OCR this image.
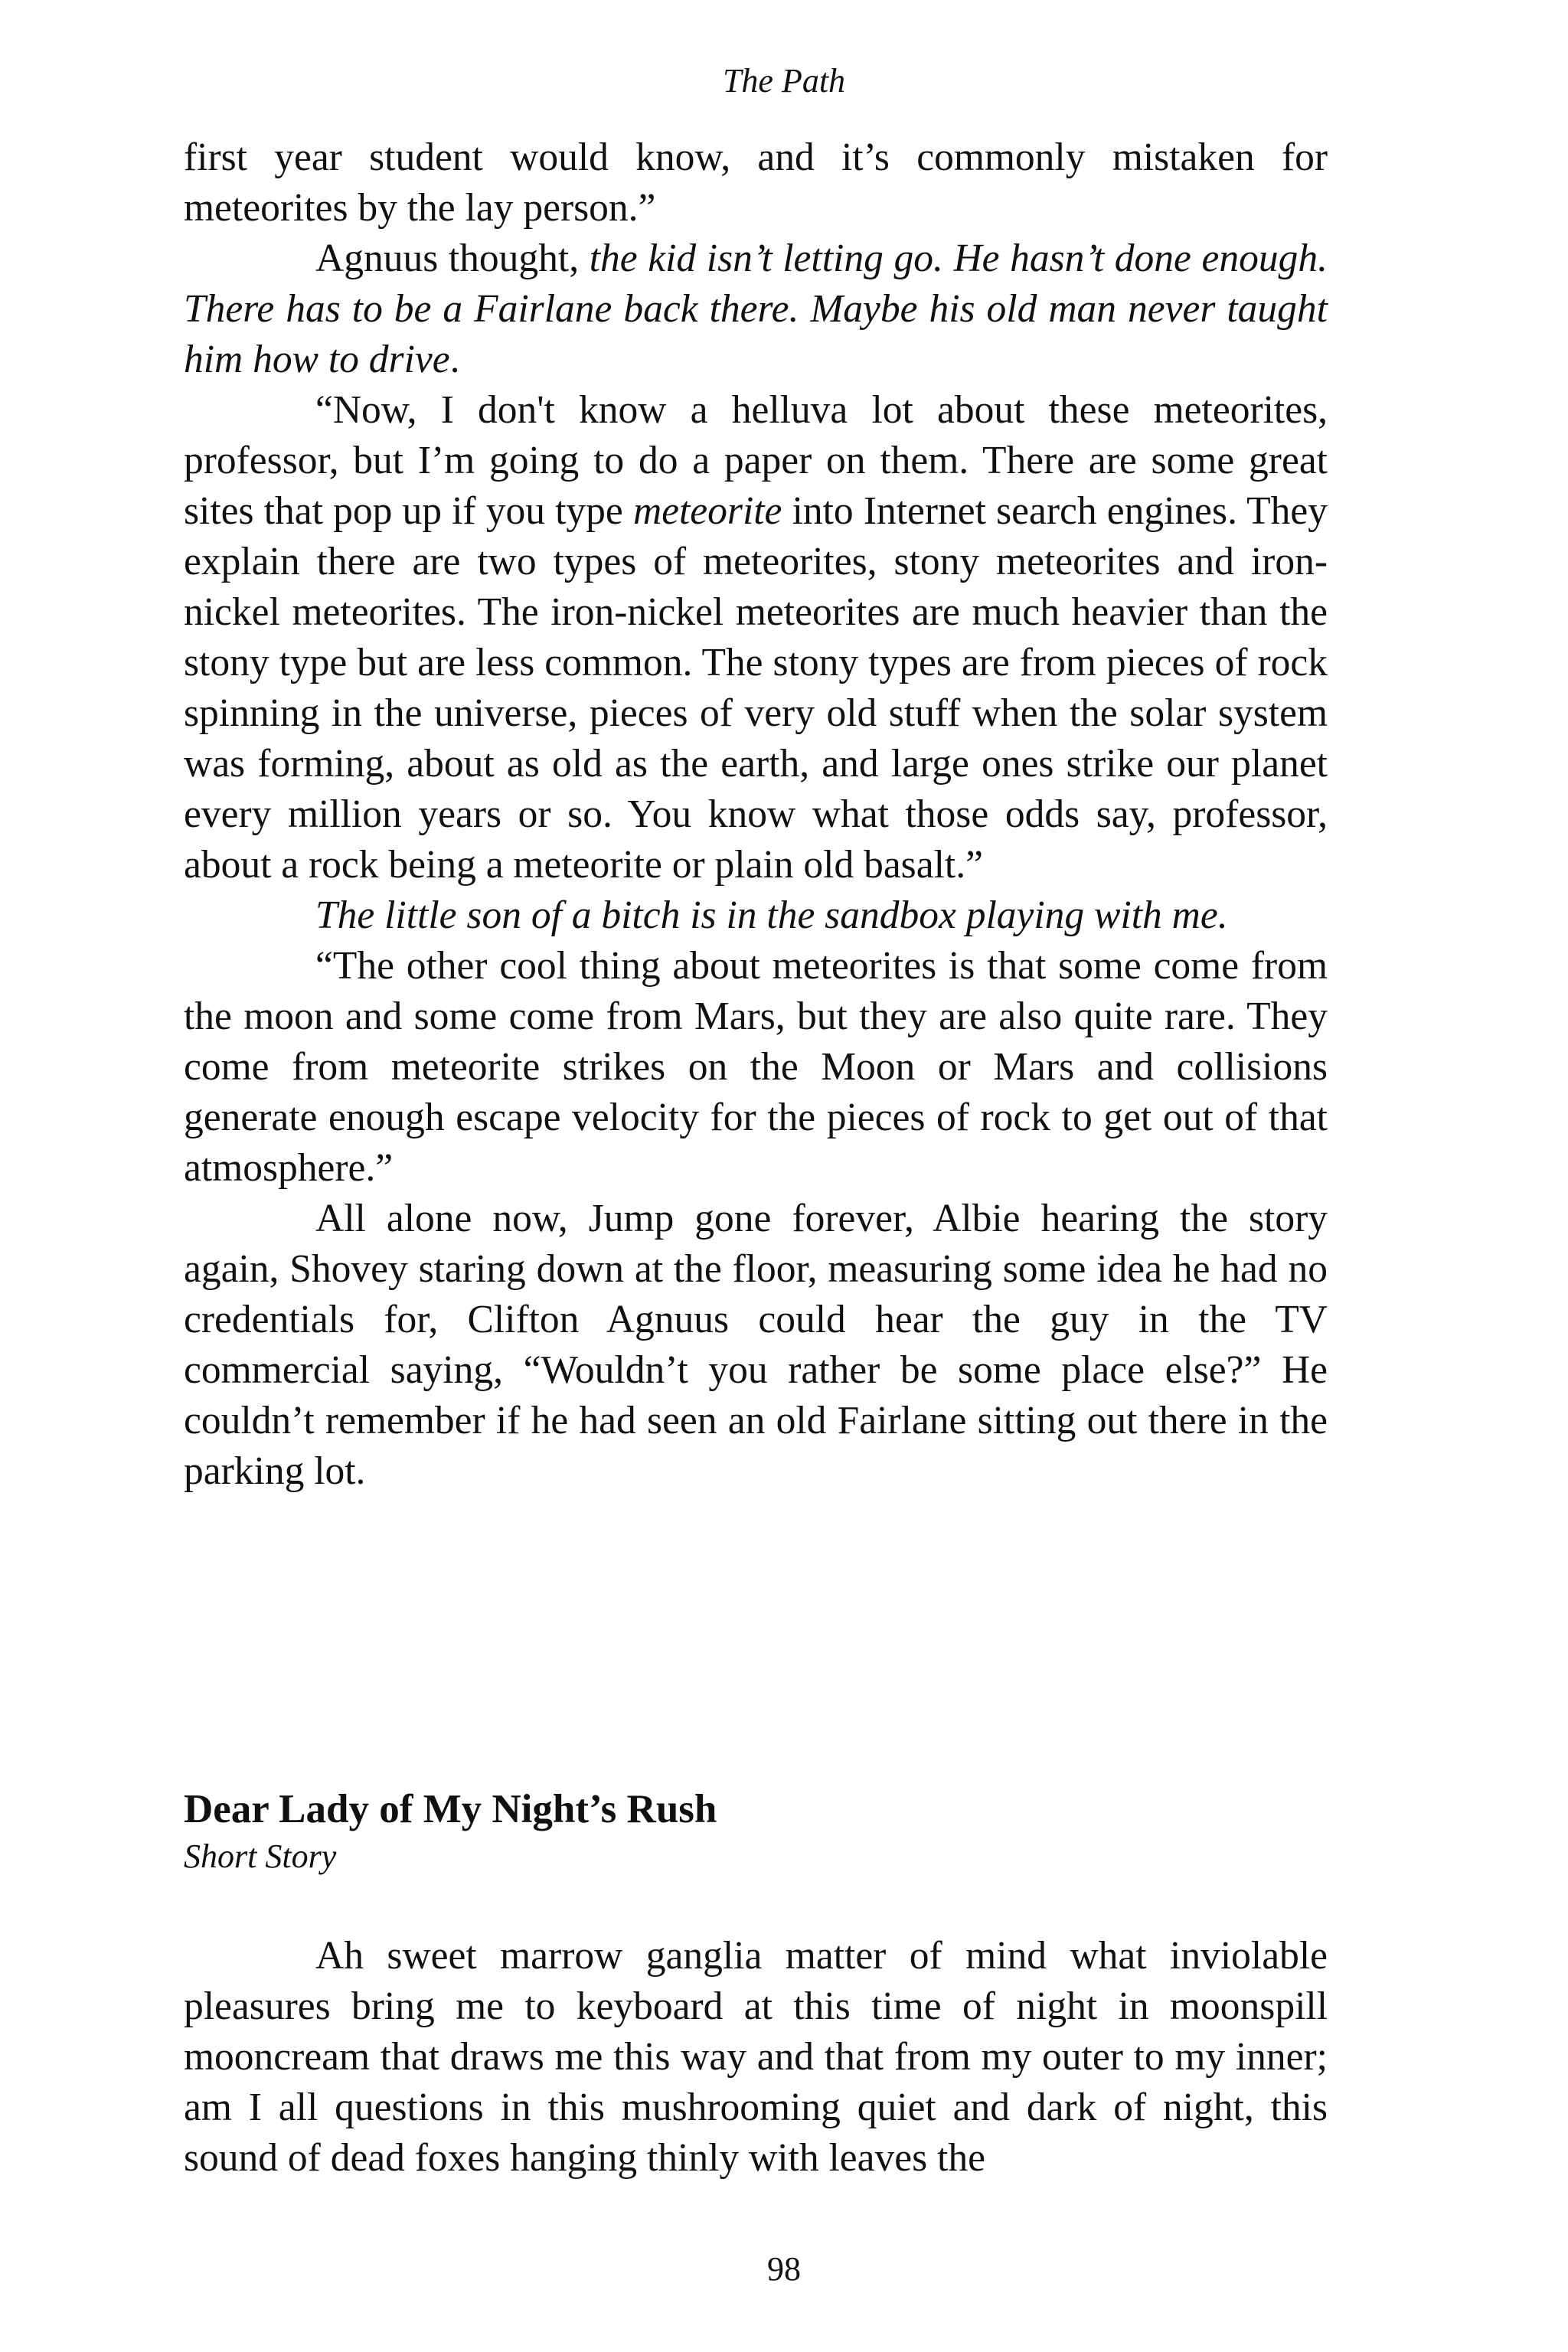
The Path

first year student would know, and it’s commonly mistaken for meteorites by the lay person.”

Agnuus thought, the kid isn’t letting go. He hasn’t done enough. There has to be a Fairlane back there. Maybe his old man never taught him how to drive.

“Now, I don't know a helluva lot about these meteorites, professor, but I’m going to do a paper on them. There are some great sites that pop up if you type meteorite into Internet search engines. They explain there are two types of meteorites, stony meteorites and iron-nickel meteorites. The iron-nickel meteorites are much heavier than the stony type but are less common. The stony types are from pieces of rock spinning in the universe, pieces of very old stuff when the solar system was forming, about as old as the earth, and large ones strike our planet every million years or so. You know what those odds say, professor, about a rock being a meteorite or plain old basalt.”

The little son of a bitch is in the sandbox playing with me.

“The other cool thing about meteorites is that some come from the moon and some come from Mars, but they are also quite rare. They come from meteorite strikes on the Moon or Mars and collisions generate enough escape velocity for the pieces of rock to get out of that atmosphere.”

All alone now, Jump gone forever, Albie hearing the story again, Shovey staring down at the floor, measuring some idea he had no credentials for, Clifton Agnuus could hear the guy in the TV commercial saying, “Wouldn’t you rather be some place else?” He couldn’t remember if he had seen an old Fairlane sitting out there in the parking lot.

Dear Lady of My Night’s Rush

Short Story

Ah sweet marrow ganglia matter of mind what inviolable pleasures bring me to keyboard at this time of night in moonspill mooncream that draws me this way and that from my outer to my inner; am I all questions in this mushrooming quiet and dark of night, this sound of dead foxes hanging thinly with leaves the

98
